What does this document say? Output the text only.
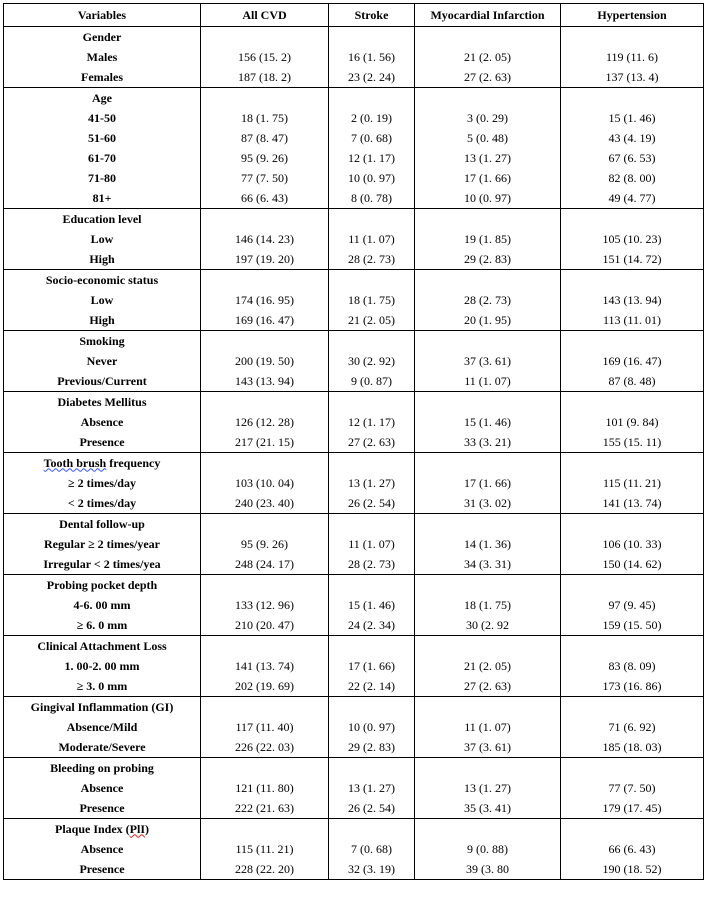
Variables	All CVD	Stroke	Myocardial Infarction	Hypertension
Gender				
Males	156 (15. 2)	16 (1. 56)	21 (2. 05)	119 (11. 6)
Females	187 (18. 2)	23 (2. 24)	27 (2. 63)	137 (13. 4)
Age				
41-50	18 (1. 75)	2 (0. 19)	3 (0. 29)	15 (1. 46)
51-60	87 (8. 47)	7 (0. 68)	5 (0. 48)	43 (4. 19)
61-70	95 (9. 26)	12 (1. 17)	13 (1. 27)	67 (6. 53)
71-80	77 (7. 50)	10 (0. 97)	17 (1. 66)	82 (8. 00)
81+	66 (6. 43)	8 (0. 78)	10 (0. 97)	49 (4. 77)
Education level				
Low	146 (14. 23)	11 (1. 07)	19 (1. 85)	105 (10. 23)
High	197 (19. 20)	28 (2. 73)	29 (2. 83)	151 (14. 72)
Socio-economic status				
Low	174 (16. 95)	18 (1. 75)	28 (2. 73)	143 (13. 94)
High	169 (16. 47)	21 (2. 05)	20 (1. 95)	113 (11. 01)
Smoking				
Never	200 (19. 50)	30 (2. 92)	37 (3. 61)	169 (16. 47)
Previous/Current	143 (13. 94)	9 (0. 87)	11 (1. 07)	87 (8. 48)
Diabetes Mellitus				
Absence	126 (12. 28)	12 (1. 17)	15 (1. 46)	101 (9. 84)
Presence	217 (21. 15)	27 (2. 63)	33 (3. 21)	155 (15. 11)
Tooth brush frequency				
≥ 2 times/day	103 (10. 04)	13 (1. 27)	17 (1. 66)	115 (11. 21)
< 2 times/day	240 (23. 40)	26 (2. 54)	31 (3. 02)	141 (13. 74)
Dental follow-up				
Regular ≥ 2 times/year	95 (9. 26)	11 (1. 07)	14 (1. 36)	106 (10. 33)
Irregular < 2 times/yea	248 (24. 17)	28 (2. 73)	34 (3. 31)	150 (14. 62)
Probing pocket depth				
4-6. 00 mm	133 (12. 96)	15 (1. 46)	18 (1. 75)	97 (9. 45)
≥ 6. 0 mm	210 (20. 47)	24 (2. 34)	30 (2. 92	159 (15. 50)
Clinical Attachment Loss				
1. 00-2. 00 mm	141 (13. 74)	17 (1. 66)	21 (2. 05)	83 (8. 09)
≥ 3. 0 mm	202 (19. 69)	22 (2. 14)	27 (2. 63)	173 (16. 86)
Gingival Inflammation (GI)				
Absence/Mild	117 (11. 40)	10 (0. 97)	11 (1. 07)	71 (6. 92)
Moderate/Severe	226 (22. 03)	29 (2. 83)	37 (3. 61)	185 (18. 03)
Bleeding on probing				
Absence	121 (11. 80)	13 (1. 27)	13 (1. 27)	77 (7. 50)
Presence	222 (21. 63)	26 (2. 54)	35 (3. 41)	179 (17. 45)
Plaque Index (PlI)				
Absence	115 (11. 21)	7 (0. 68)	9 (0. 88)	66 (6. 43)
Presence	228 (22. 20)	32 (3. 19)	39 (3. 80	190 (18. 52)
